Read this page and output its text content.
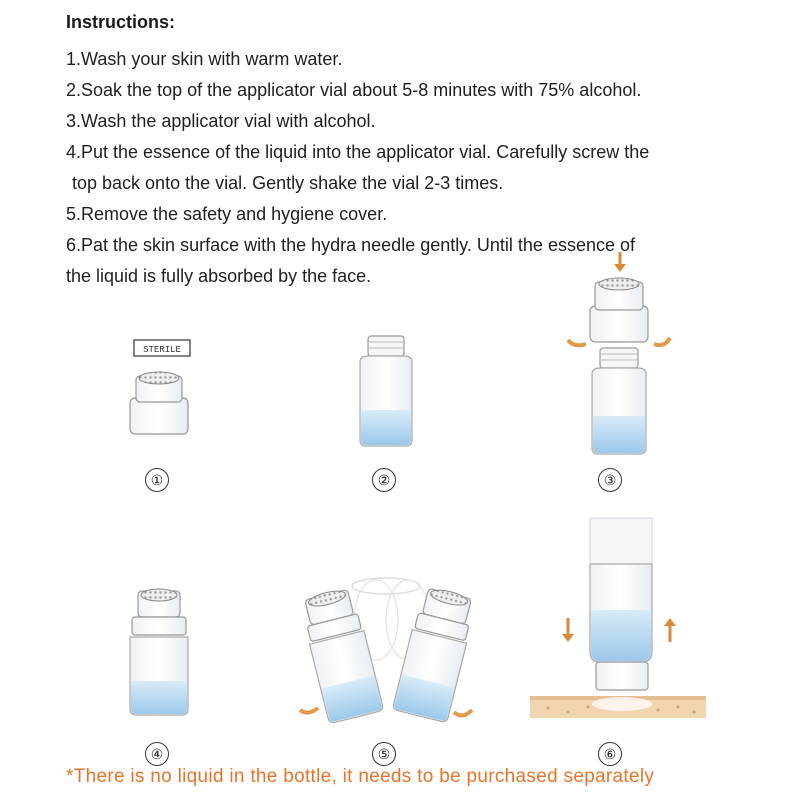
Instructions:
1.Wash your skin with warm water.
2.Soak the top of the applicator vial about 5-8 minutes with 75% alcohol.
3.Wash the applicator vial with alcohol.
4.Put the essence of the liquid into the applicator vial. Carefully screw the
top back onto the vial. Gently shake the vial 2-3 times.
5.Remove the safety and hygiene cover.
6.Pat the skin surface with the hydra needle gently. Until the essence of
the liquid is fully absorbed by the face.
STERILE
①	②	③
④	⑤	⑥
*There is no liquid in the bottle, it needs to be purchased separately
